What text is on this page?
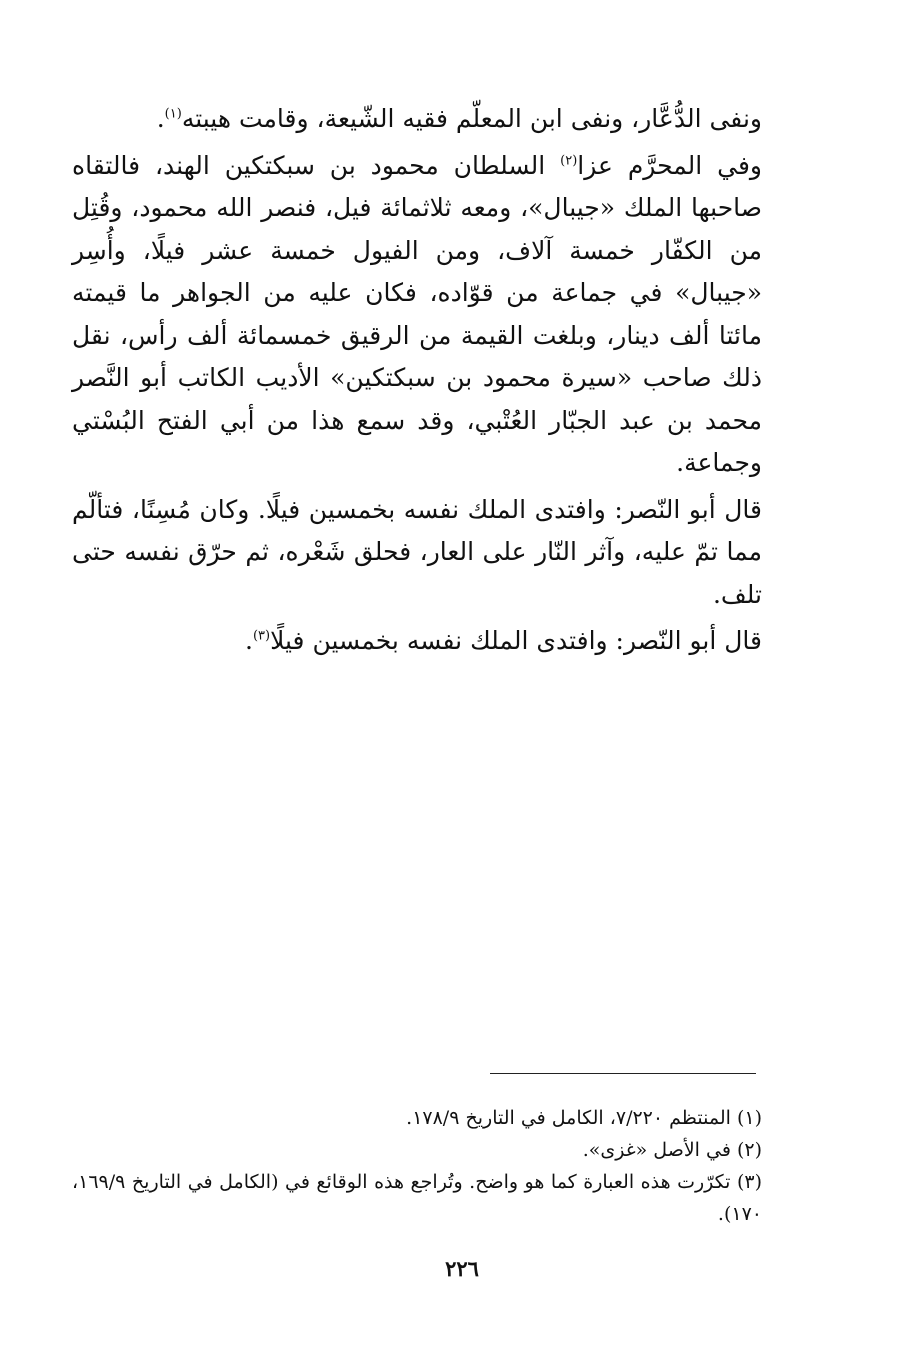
ونفى الدُّعَّار، ونفى ابن المعلّم فقيه الشّيعة، وقامت هيبته$^{(١)}$.

وفي المحرَّم عزا$^{(٢)}$ السلطان محمود بن سبكتكين الهند، فالتقاه صاحبها الملك «جيبال»، ومعه ثلاثمائة فيل، فنصر الله محمود، وقُتِل من الكفّار خمسة آلاف، ومن الفيول خمسة عشر فيلًا، وأُسِر «جيبال» في جماعة من قوّاده، فكان عليه من الجواهر ما قيمته مائتا ألف دينار، وبلغت القيمة من الرقيق خمسمائة ألف رأس، نقل ذلك صاحب «سيرة محمود بن سبكتكين» الأديب الكاتب أبو النَّصر محمد بن عبد الجبّار العُتْبي، وقد سمع هذا من أبي الفتح البُسْتي وجماعة.

قال أبو النّصر: وافتدى الملك نفسه بخمسين فيلًا. وكان مُسِنًا، فتألّم مما تمّ عليه، وآثر النّار على العار، فحلق شَعْره، ثم حرّق نفسه حتى تلف.

قال أبو النّصر: وافتدى الملك نفسه بخمسين فيلًا$^{(٣)}$.

(١) المنتظم ٧/٢٢٠، الكامل في التاريخ ١٧٨/٩.

(٢) في الأصل «غزى».

(٣) تكرّرت هذه العبارة كما هو واضح. وتُراجع هذه الوقائع في (الكامل في التاريخ ١٦٩/٩، ١٧٠).

٢٢٦
